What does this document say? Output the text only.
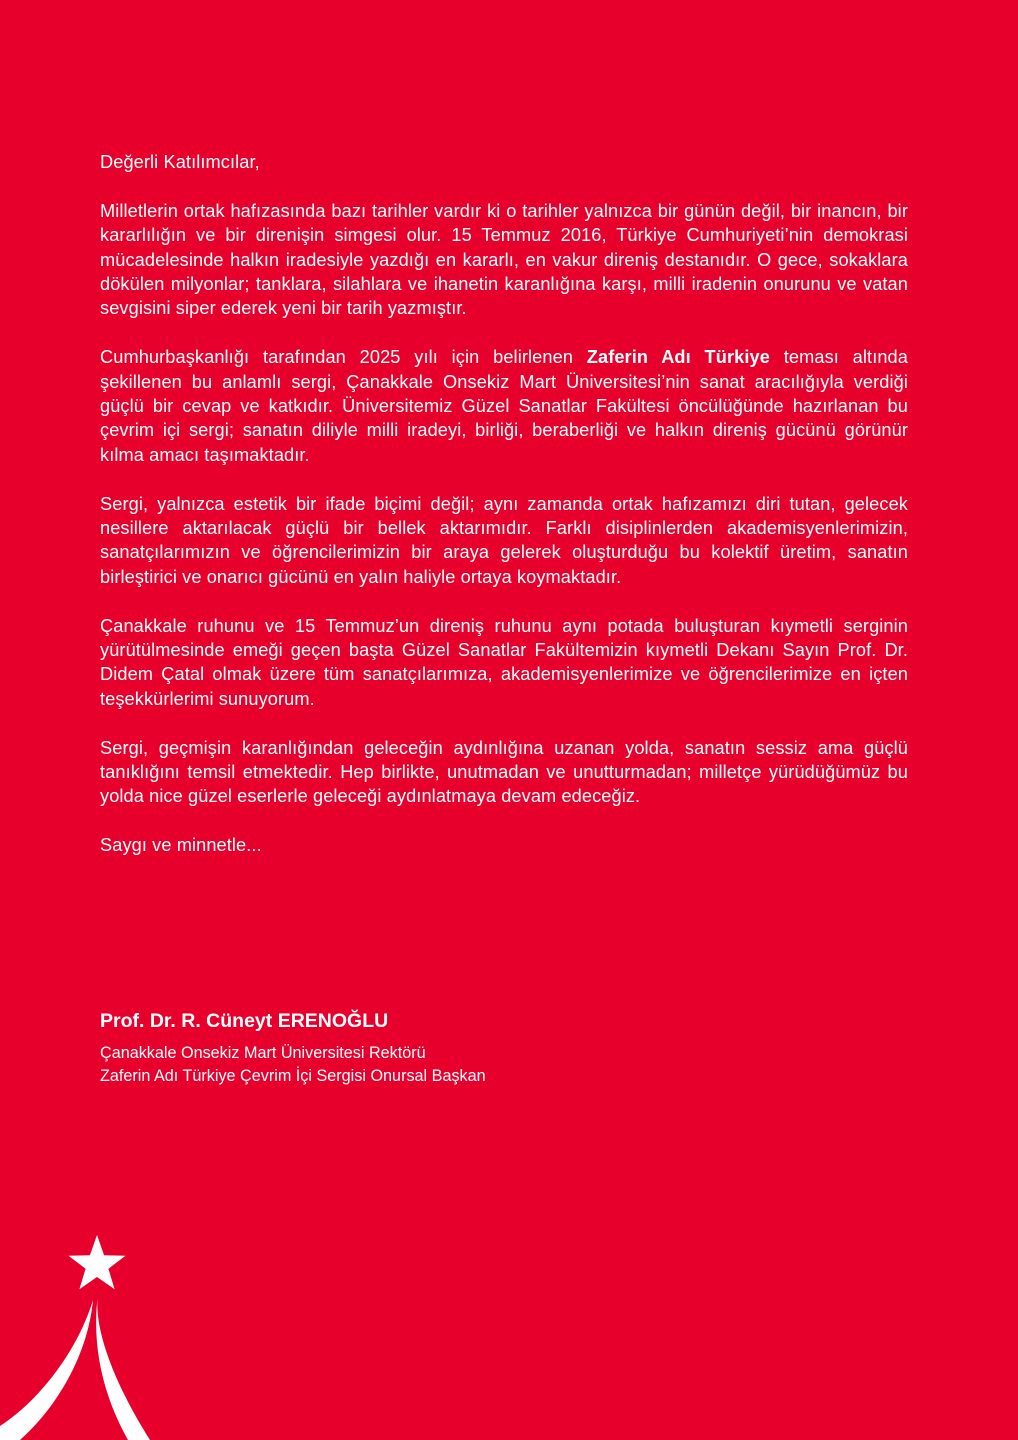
Değerli Katılımcılar,

Milletlerin ortak hafızasında bazı tarihler vardır ki o tarihler yalnızca bir günün değil, bir inancın, bir kararlılığın ve bir direnişin simgesi olur. 15 Temmuz 2016, Türkiye Cumhuriyeti’nin demokrasi mücadelesinde halkın iradesiyle yazdığı en kararlı, en vakur direniş destanıdır. O gece, sokaklara dökülen milyonlar; tanklara, silahlara ve ihanetin karanlığına karşı, milli iradenin onurunu ve vatan sevgisini siper ederek yeni bir tarih yazmıştır.

Cumhurbaşkanlığı tarafından 2025 yılı için belirlenen Zaferin Adı Türkiye teması altında şekillenen bu anlamlı sergi, Çanakkale Onsekiz Mart Üniversitesi’nin sanat aracılığıyla verdiği güçlü bir cevap ve katkıdır. Üniversitemiz Güzel Sanatlar Fakültesi öncülüğünde hazırlanan bu çevrim içi sergi; sanatın diliyle milli iradeyi, birliği, beraberliği ve halkın direniş gücünü görünür kılma amacı taşımaktadır.

Sergi, yalnızca estetik bir ifade biçimi değil; aynı zamanda ortak hafızamızı diri tutan, gelecek nesillere aktarılacak güçlü bir bellek aktarımıdır. Farklı disiplinlerden akademisyenlerimizin, sanatçılarımızın ve öğrencilerimizin bir araya gelerek oluşturduğu bu kolektif üretim, sanatın birleştirici ve onarıcı gücünü en yalın haliyle ortaya koymaktadır.

Çanakkale ruhunu ve 15 Temmuz’un direniş ruhunu aynı potada buluşturan kıymetli serginin yürütülmesinde emeği geçen başta Güzel Sanatlar Fakültemizin kıymetli Dekanı Sayın Prof. Dr. Didem Çatal olmak üzere tüm sanatçılarımıza, akademisyenlerimize ve öğrencilerimize en içten teşekkürlerimi sunuyorum.

Sergi, geçmişin karanlığından geleceğin aydınlığına uzanan yolda, sanatın sessiz ama güçlü tanıklığını temsil etmektedir. Hep birlikte, unutmadan ve unutturmadan; milletçe yürüdüğümüz bu yolda nice güzel eserlerle geleceği aydınlatmaya devam edeceğiz.

Saygı ve minnetle...

Prof. Dr. R. Cüneyt ERENOĞLU

Çanakkale Onsekiz Mart Üniversitesi Rektörü

Zaferin Adı Türkiye Çevrim İçi Sergisi Onursal Başkan
